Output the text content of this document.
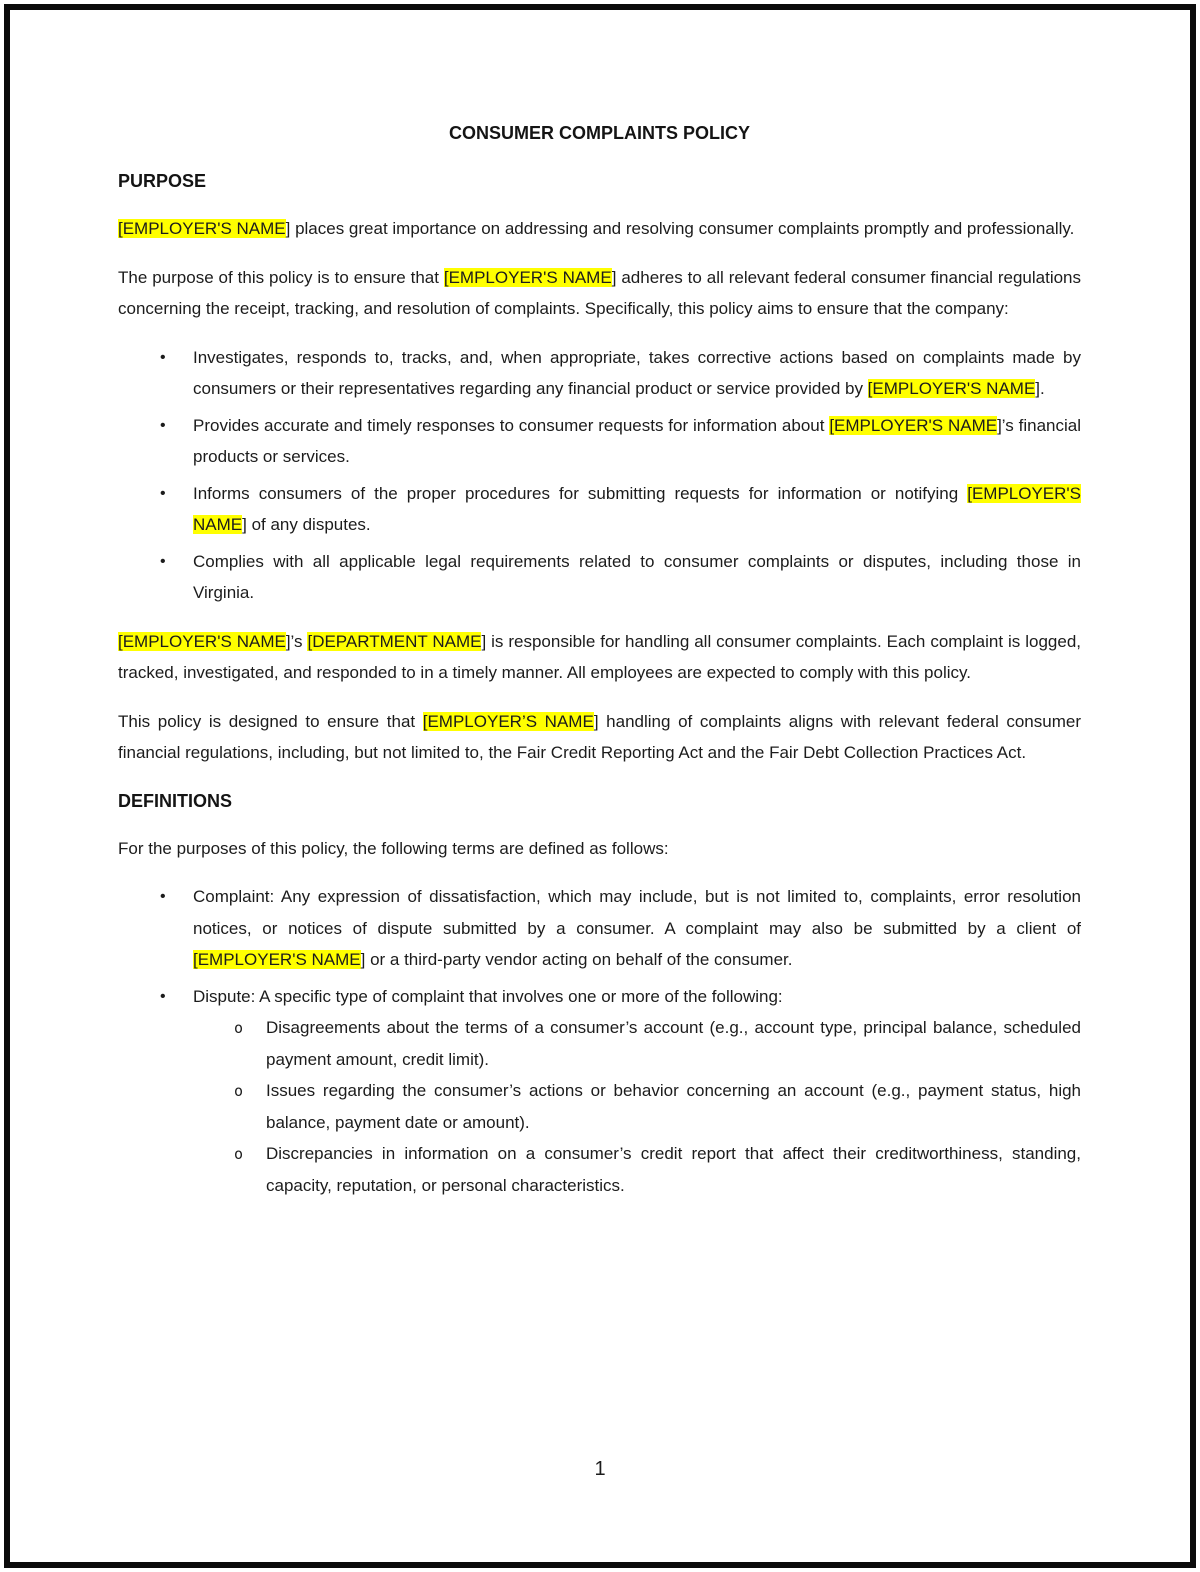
CONSUMER COMPLAINTS POLICY
PURPOSE

[EMPLOYER'S NAME] places great importance on addressing and resolving consumer complaints promptly and professionally.

The purpose of this policy is to ensure that [EMPLOYER'S NAME] adheres to all relevant federal consumer financial regulations concerning the receipt, tracking, and resolution of complaints. Specifically, this policy aims to ensure that the company:

• Investigates, responds to, tracks, and, when appropriate, takes corrective actions based on complaints made by consumers or their representatives regarding any financial product or service provided by [EMPLOYER'S NAME].
• Provides accurate and timely responses to consumer requests for information about [EMPLOYER'S NAME]’s financial products or services.
• Informs consumers of the proper procedures for submitting requests for information or notifying [EMPLOYER'S NAME] of any disputes.
• Complies with all applicable legal requirements related to consumer complaints or disputes, including those in Virginia.

[EMPLOYER'S NAME]’s [DEPARTMENT NAME] is responsible for handling all consumer complaints. Each complaint is logged, tracked, investigated, and responded to in a timely manner. All employees are expected to comply with this policy.

This policy is designed to ensure that [EMPLOYER’S NAME] handling of complaints aligns with relevant federal consumer financial regulations, including, but not limited to, the Fair Credit Reporting Act and the Fair Debt Collection Practices Act.

DEFINITIONS

For the purposes of this policy, the following terms are defined as follows:

• Complaint: Any expression of dissatisfaction, which may include, but is not limited to, complaints, error resolution notices, or notices of dispute submitted by a consumer. A complaint may also be submitted by a client of [EMPLOYER'S NAME] or a third-party vendor acting on behalf of the consumer.
• Dispute: A specific type of complaint that involves one or more of the following:
o Disagreements about the terms of a consumer’s account (e.g., account type, principal balance, scheduled payment amount, credit limit).
o Issues regarding the consumer’s actions or behavior concerning an account (e.g., payment status, high balance, payment date or amount).
o Discrepancies in information on a consumer’s credit report that affect their creditworthiness, standing, capacity, reputation, or personal characteristics.
1
